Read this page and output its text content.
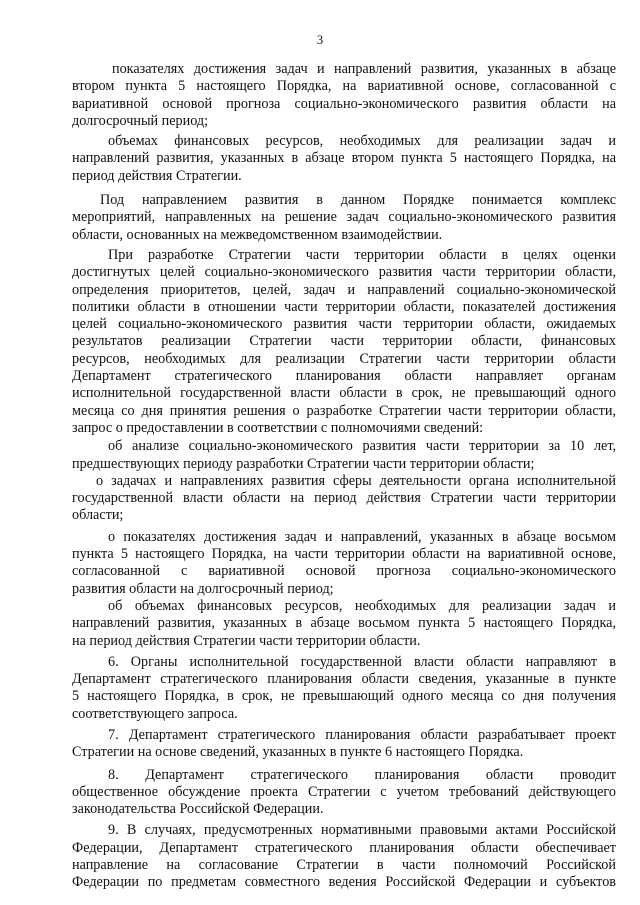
3
показателях достижения задач и направлений развития, указанных в абзаце
втором пункта 5 настоящего Порядка, на вариативной основе, согласованной с
вариативной основой прогноза социально-экономического развития области на
долгосрочный период;
объемах финансовых ресурсов, необходимых для реализации задач и
направлений развития, указанных в абзаце втором пункта 5 настоящего Порядка, на
период действия Стратегии.
Под направлением развития в данном Порядке понимается комплекс
мероприятий, направленных на решение задач социально-экономического развития
области, основанных на межведомственном взаимодействии.
При разработке Стратегии части территории области в целях оценки
достигнутых целей социально-экономического развития части территории области,
определения приоритетов, целей, задач и направлений социально-экономической
политики области в отношении части территории области, показателей достижения
целей социально-экономического развития части территории области, ожидаемых
результатов реализации Стратегии части территории области, финансовых
ресурсов, необходимых для реализации Стратегии части территории области
Департамент стратегического планирования области направляет органам
исполнительной государственной власти области в срок, не превышающий одного
месяца со дня принятия решения о разработке Стратегии части территории области,
запрос о предоставлении в соответствии с полномочиями сведений:
об анализе социально-экономического развития части территории за 10 лет,
предшествующих периоду разработки Стратегии части территории области;
о задачах и направлениях развития сферы деятельности органа исполнительной
государственной власти области на период действия Стратегии части территории
области;
о показателях достижения задач и направлений, указанных в абзаце восьмом
пункта 5 настоящего Порядка, на части территории области на вариативной основе,
согласованной с вариативной основой прогноза социально-экономического
развития области на долгосрочный период;
об объемах финансовых ресурсов, необходимых для реализации задач и
направлений развития, указанных в абзаце восьмом пункта 5 настоящего Порядка,
на период действия Стратегии части территории области.
6. Органы исполнительной государственной власти области направляют в
Департамент стратегического планирования области сведения, указанные в пункте
5 настоящего Порядка, в срок, не превышающий одного месяца со дня получения
соответствующего запроса.
7. Департамент стратегического планирования области разрабатывает проект
Стратегии на основе сведений, указанных в пункте 6 настоящего Порядка.
8. Департамент стратегического планирования области проводит
общественное обсуждение проекта Стратегии с учетом требований действующего
законодательства Российской Федерации.
9. В случаях, предусмотренных нормативными правовыми актами Российской
Федерации, Департамент стратегического планирования области обеспечивает
направление на согласование Стратегии в части полномочий Российской
Федерации по предметам совместного ведения Российской Федерации и субъектов
